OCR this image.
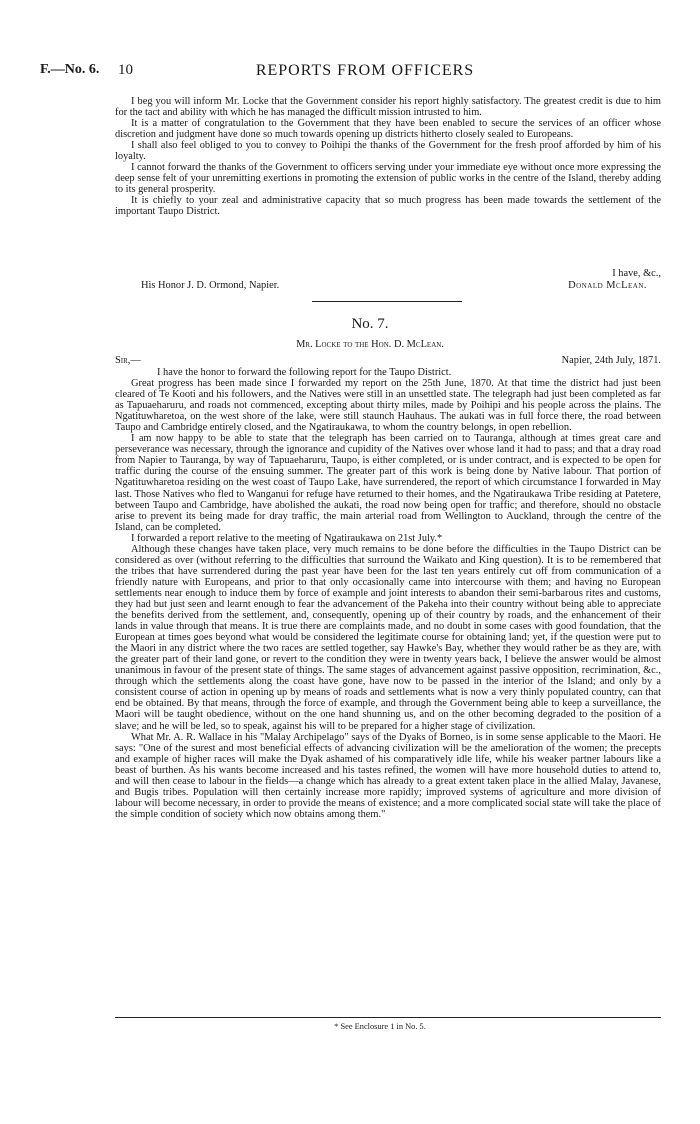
F.—No. 6. 10	REPORTS FROM OFFICERS

I beg you will inform Mr. Locke that the Government consider his report highly satisfactory. The greatest credit is due to him for the tact and ability with which he has managed the difficult mission intrusted to him.

It is a matter of congratulation to the Government that they have been enabled to secure the services of an officer whose discretion and judgment have done so much towards opening up districts hitherto closely sealed to Europeans.

I shall also feel obliged to you to convey to Poihipi the thanks of the Government for the fresh proof afforded by him of his loyalty.

I cannot forward the thanks of the Government to officers serving under your immediate eye without once more expressing the deep sense felt of your unremitting exertions in promoting the extension of public works in the centre of the Island, thereby adding to its general prosperity.

It is chiefly to your zeal and administrative capacity that so much progress has been made towards the settlement of the important Taupo District.

I have, &c.,
His Honor J. D. Ormond, Napier.	Donald McLean.
No. 7.
Mr. Locke to the Hon. D. McLean.
Sir,—	Napier, 24th July, 1871.

I have the honor to forward the following report for the Taupo District.

Great progress has been made since I forwarded my report on the 25th June, 1870. At that time the district had just been cleared of Te Kooti and his followers, and the Natives were still in an unsettled state. The telegraph had just been completed as far as Tapuaeharuru, and roads not commenced, excepting about thirty miles, made by Poihipi and his people across the plains. The Ngatituwharetoa, on the west shore of the lake, were still staunch Hauhaus. The aukati was in full force there, the road between Taupo and Cambridge entirely closed, and the Ngatiraukawa, to whom the country belongs, in open rebellion.

I am now happy to be able to state that the telegraph has been carried on to Tauranga, although at times great care and perseverance was necessary, through the ignorance and cupidity of the Natives over whose land it had to pass; and that a dray road from Napier to Tauranga, by way of Tapuaeharuru, Taupo, is either completed, or is under contract, and is expected to be open for traffic during the course of the ensuing summer. The greater part of this work is being done by Native labour. That portion of Ngatituwharetoa residing on the west coast of Taupo Lake, have surrendered, the report of which circumstance I forwarded in May last. Those Natives who fled to Wanganui for refuge have returned to their homes, and the Ngatiraukawa Tribe residing at Patetere, between Taupo and Cambridge, have abolished the aukati, the road now being open for traffic; and therefore, should no obstacle arise to prevent its being made for dray traffic, the main arterial road from Wellington to Auckland, through the centre of the Island, can be completed.

I forwarded a report relative to the meeting of Ngatiraukawa on 21st July.*

Although these changes have taken place, very much remains to be done before the difficulties in the Taupo District can be considered as over (without referring to the difficulties that surround the Waikato and King question). It is to be remembered that the tribes that have surrendered during the past year have been for the last ten years entirely cut off from communication of a friendly nature with Europeans, and prior to that only occasionally came into intercourse with them; and having no European settlements near enough to induce them by force of example and joint interests to abandon their semi-barbarous rites and customs, they had but just seen and learnt enough to fear the advancement of the Pakeha into their country without being able to appreciate the benefits derived from the settlement, and, consequently, opening up of their country by roads, and the enhancement of their lands in value through that means. It is true there are complaints made, and no doubt in some cases with good foundation, that the European at times goes beyond what would be considered the legitimate course for obtaining land; yet, if the question were put to the Maori in any district where the two races are settled together, say Hawke's Bay, whether they would rather be as they are, with the greater part of their land gone, or revert to the condition they were in twenty years back, I believe the answer would be almost unanimous in favour of the present state of things. The same stages of advancement against passive opposition, recrimination, &c., through which the settlements along the coast have gone, have now to be passed in the interior of the Island; and only by a consistent course of action in opening up by means of roads and settlements what is now a very thinly populated country, can that end be obtained. By that means, through the force of example, and through the Government being able to keep a surveillance, the Maori will be taught obedience, without on the one hand shunning us, and on the other becoming degraded to the position of a slave; and he will be led, so to speak, against his will to be prepared for a higher stage of civilization.

What Mr. A. R. Wallace in his "Malay Archipelago" says of the Dyaks of Borneo, is in some sense applicable to the Maori. He says: "One of the surest and most beneficial effects of advancing civilization will be the amelioration of the women; the precepts and example of higher races will make the Dyak ashamed of his comparatively idle life, while his weaker partner labours like a beast of burthen. As his wants become increased and his tastes refined, the women will have more household duties to attend to, and will then cease to labour in the fields—a change which has already to a great extent taken place in the allied Malay, Javanese, and Bugis tribes. Population will then certainly increase more rapidly; improved systems of agriculture and more division of labour will become necessary, in order to provide the means of existence; and a more complicated social state will take the place of the simple condition of society which now obtains among them."

* See Enclosure 1 in No. 5.
